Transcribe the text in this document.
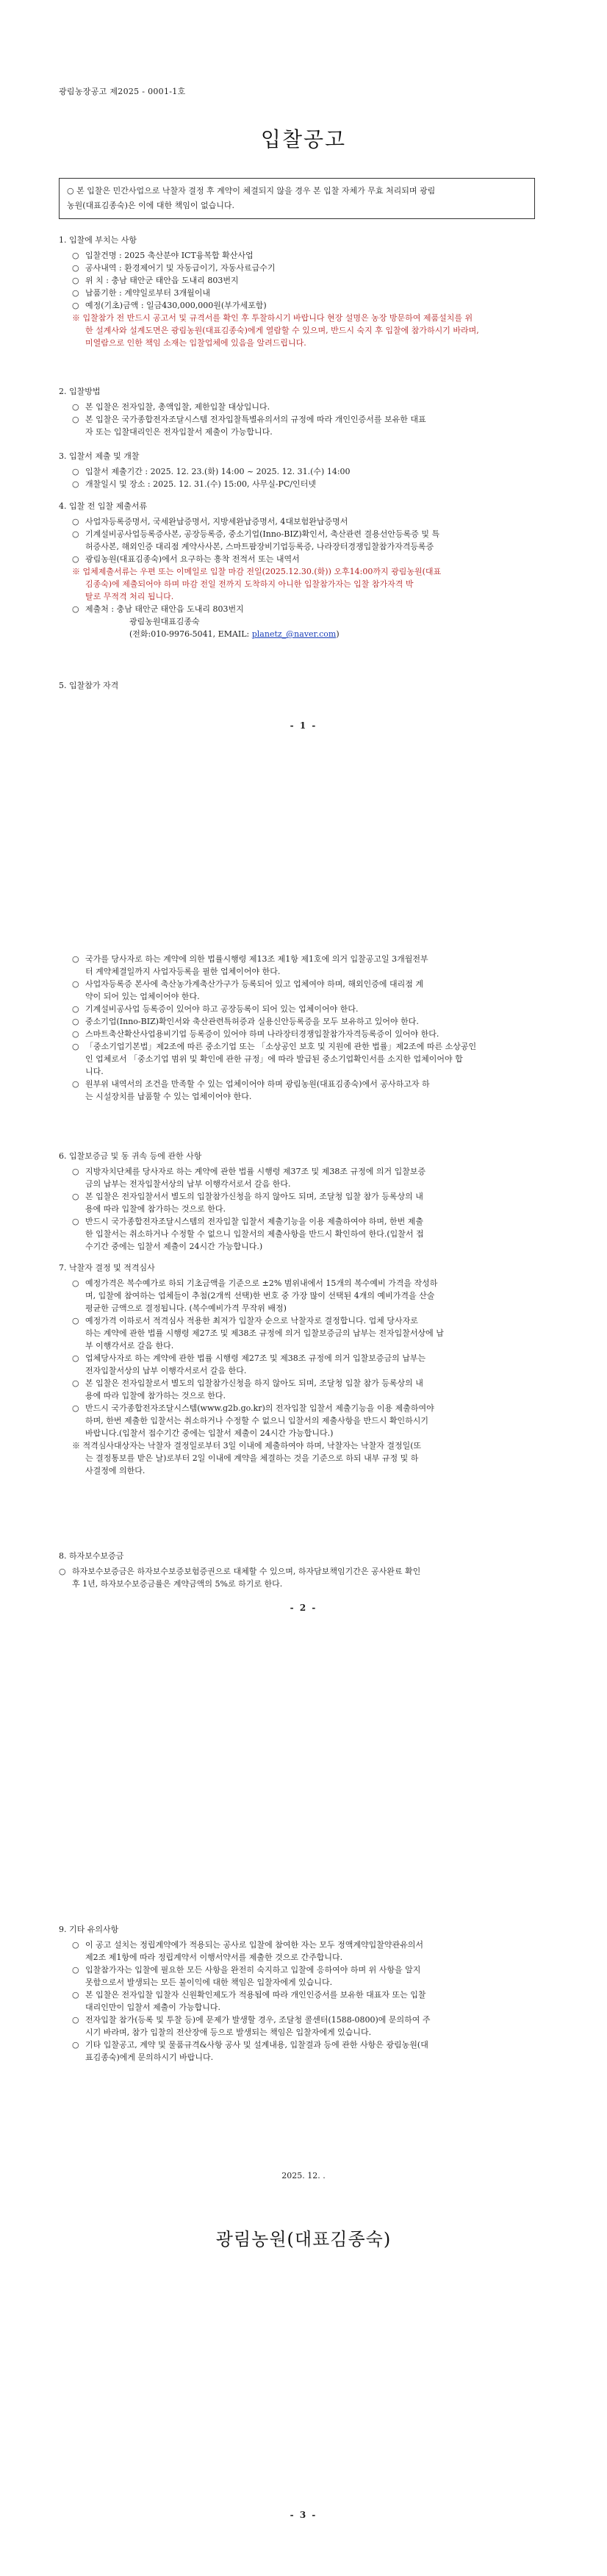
광림농장공고 제2025 - 0001-1호
입찰공고
○ 본 입찰은 민간사업으로 낙찰자 결정 후 계약이 체결되지 않을 경우 본 입찰 자체가 무효 처리되며 광림
농원(대표김종숙)은 이에 대한 책임이 없습니다.
1. 입찰에 부치는 사항
○ 입찰건명 : 2025 축산분야 ICT융복합 확산사업
○ 공사내역 : 환경제어기 및 자동급이기, 자동사료급수기
○ 위 치 : 충남 태안군 태안읍 도내리 803번지
○ 납품기한 : 계약일로부터 3개월이내
○ 예정(기초)금액 : 일금430,000,000원(부가세포함)
※ 입찰참가 전 반드시 공고서 및 규격서를 확인 후 투찰하시기 바랍니다 현장 설명은 농장 방문하여 제품설치를 위
한 설계사와 설계도면은 광림농원(대표김종숙)에게 열람할 수 있으며, 반드시 숙지 후 입찰에 참가하시기 바라며,
미열람으로 인한 책임 소재는 입찰업체에 있음을 알려드립니다.
2. 입찰방법
○ 본 입찰은 전자입찰, 총액입찰, 제한입찰 대상입니다.
○ 본 입찰은 국가종합전자조달시스템 전자입찰특별유의서의 규정에 따라 개인인증서를 보유한 대표
자 또는 입찰대리인은 전자입찰서 제출이 가능합니다.
3. 입찰서 제출 및 개찰
○ 입찰서 제출기간 : 2025. 12. 23.(화) 14:00 ~ 2025. 12. 31.(수) 14:00
○ 개찰일시 및 장소 : 2025. 12. 31.(수) 15:00, 사무실-PC/인터넷
4. 입찰 전 입찰 제출서류
○ 사업자등록증명서, 국세완납증명서, 지방세완납증명서, 4대보험완납증명서
○ 기계설비공사업등록증사본, 공장등록증, 중소기업(Inno-BIZ)확인서, 축산관련 결용선안등록증 및 특
허증사본, 해외인증 대리점 계약사사본, 스마트팜장비기업등록증, 나라장터경쟁입찰참가자격등록증
○ 광림농원(대표김종숙)에서 요구하는 흥착 전적서 또는 내역서
※ 업체제출서류는 우편 또는 이메일로 입찰 마감 전일(2025.12.30.(화)) 오후14:00까지 광림농원(대표
김종숙)에 제출되어야 하며 마감 전일 전까지 도착하지 아니한 입찰참가자는 입찰 참가자격 박
탈로 무적격 처리 됩니다.
○ 제출처 : 충남 태안군 태안읍 도내리 803번지
광림농원대표김종숙
(전화:010-9976-5041, EMAIL: planetz_@naver.com)
5. 입찰참가 자격
- 1 -
○ 국가를 당사자로 하는 계약에 의한 법률시행령 제13조 제1항 제1호에 의거 입찰공고일 3개월전부
터 계약체결일까지 사업자등록을 필한 업체이어야 한다.
○ 사업자등록증 본사에 축산농가계축산가구가 등록되어 있고 업체여야 하며, 해외인증에 대리점 계
약이 되어 있는 업체이어야 한다.
○ 기계설비공사업 등록증이 있어야 하고 공장등록이 되어 있는 업체이어야 한다.
○ 중소기업(Inno-BIZ)확인서와 축산관련특허증과 실용신안등록증을 모두 보유하고 있어야 한다.
○ 스마트축산확산사업용비기업 등록증이 있어야 하며 나라장터경쟁입찰참가자격등록증이 있어야 한다.
○ 「중소기업기본법」제2조에 따른 중소기업 또는 「소상공인 보호 및 지원에 관한 법률」제2조에 따른 소상공인
인 업체로서 「중소기업 범위 및 확인에 관한 규정」에 따라 발급된 중소기업확인서를 소지한 업체이어야 합
니다.
○ 원부위 내역서의 조건을 만족할 수 있는 업체이어야 하며 광림농원(대표김종숙)에서 공사하고자 하
는 시설장치를 납품할 수 있는 업체이어야 한다.
6. 입찰보증금 및 동 귀속 등에 관한 사항
○ 지방자치단체를 당사자로 하는 계약에 관한 법률 시행령 제37조 및 제38조 규정에 의거 입찰보증
금의 납부는 전자입찰서상의 납부 이행각서로서 갈음 한다.
○ 본 입찰은 전자입찰서서 별도의 입찰참가신청을 하지 않아도 되며, 조달청 입찰 참가 등록상의 내
용에 따라 입찰에 참가하는 것으로 한다.
○ 반드시 국가종합전자조달시스템의 전자입찰 입찰서 제출기능을 이용 제출하여야 하며, 한번 제출
한 입찰서는 취소하거나 수정할 수 없으니 입찰서의 제출사항을 반드시 확인하여 한다.(입찰서 접
수기간 중에는 입찰서 제출이 24시간 가능합니다.)
7. 낙찰자 결정 및 적격심사
○ 예정가격은 복수예가로 하되 기초금액을 기준으로 ±2% 범위내에서 15개의 복수예비 가격을 작성하
며, 입찰에 참여하는 업체들이 추첨(2개씩 선택)한 번호 중 가장 많이 선택된 4개의 예비가격을 산술
평균한 금액으로 결정됩니다. (복수예비가격 무작위 배정)
○ 예정가격 이하로서 적격심사 적용한 최저가 입찰자 순으로 낙찰자로 결정합니다. 업체 당사자로
하는 계약에 관한 법률 시행령 제27조 및 제38조 규정에 의거 입찰보증금의 납부는 전자입찰서상에 납
부 이행각서로 갈음 한다.
○ 업체당사자로 하는 계약에 관한 법률 시행령 제27조 및 제38조 규정에 의거 입찰보증금의 납부는
전자입찰서상의 납부 이행각서로서 갈음 한다.
○ 본 입찰은 전자입찰로서 별도의 입찰참가신청을 하지 않아도 되며, 조달청 입찰 참가 등록상의 내
용에 따라 입찰에 참가하는 것으로 한다.
○ 반드시 국가종합전자조달시스템(www.g2b.go.kr)의 전자입찰 입찰서 제출기능을 이용 제출하여야
하며, 한번 제출한 입찰서는 취소하거나 수정할 수 없으니 입찰서의 제출사항을 반드시 확인하시기
바랍니다.(입찰서 접수기간 중에는 입찰서 제출이 24시간 가능합니다.)
※ 적격심사대상자는 낙찰자 결정일로부터 3일 이내에 제출하여야 하며, 낙찰자는 낙찰자 결정일(또
는 결정통보를 받은 날)로부터 2일 이내에 계약을 체결하는 것을 기준으로 하되 내부 규정 및 하
사결정에 의한다.
8. 하자보수보증금
○ 하자보수보증금은 하자보수보증보험증권으로 대체할 수 있으며, 하자담보책임기간은 공사완료 확인
후 1년, 하자보수보증금률은 계약금액의 5%로 하기로 한다.
- 2 -
9. 기타 유의사항
○ 이 공고 설치는 정립계약에가 적용되는 공사로 입찰에 참여한 자는 모두 정액계약입찰약관유의서
제2조 제1항에 따라 정립계약서 이행서약서를 제출한 것으로 간주합니다.
○ 입찰참가자는 입찰에 필요한 모든 사항을 완전히 숙지하고 입찰에 응하여야 하며 위 사항을 알지
못함으로서 발생되는 모든 불이익에 대한 책임은 입찰자에게 있습니다.
○ 본 입찰은 전자입찰 입찰자 신원확인제도가 적용됨에 따라 개인인증서를 보유한 대표자 또는 입찰
대리인만이 입찰서 제출이 가능합니다.
○ 전자입찰 참가(등록 및 투찰 등)에 문제가 발생할 경우, 조달청 콜센터(1588-0800)에 문의하여 주
시기 바라며, 참가 입찰의 전산장애 등으로 발생되는 책임은 입찰자에게 있습니다.
○ 기타 입찰공고, 계약 및 물품규격&사항 공사 및 설계내용, 입찰결과 등에 관한 사항은 광림농원(대
표김종숙)에게 문의하시기 바랍니다.
2025. 12. .
광림농원(대표김종숙)
- 3 -
